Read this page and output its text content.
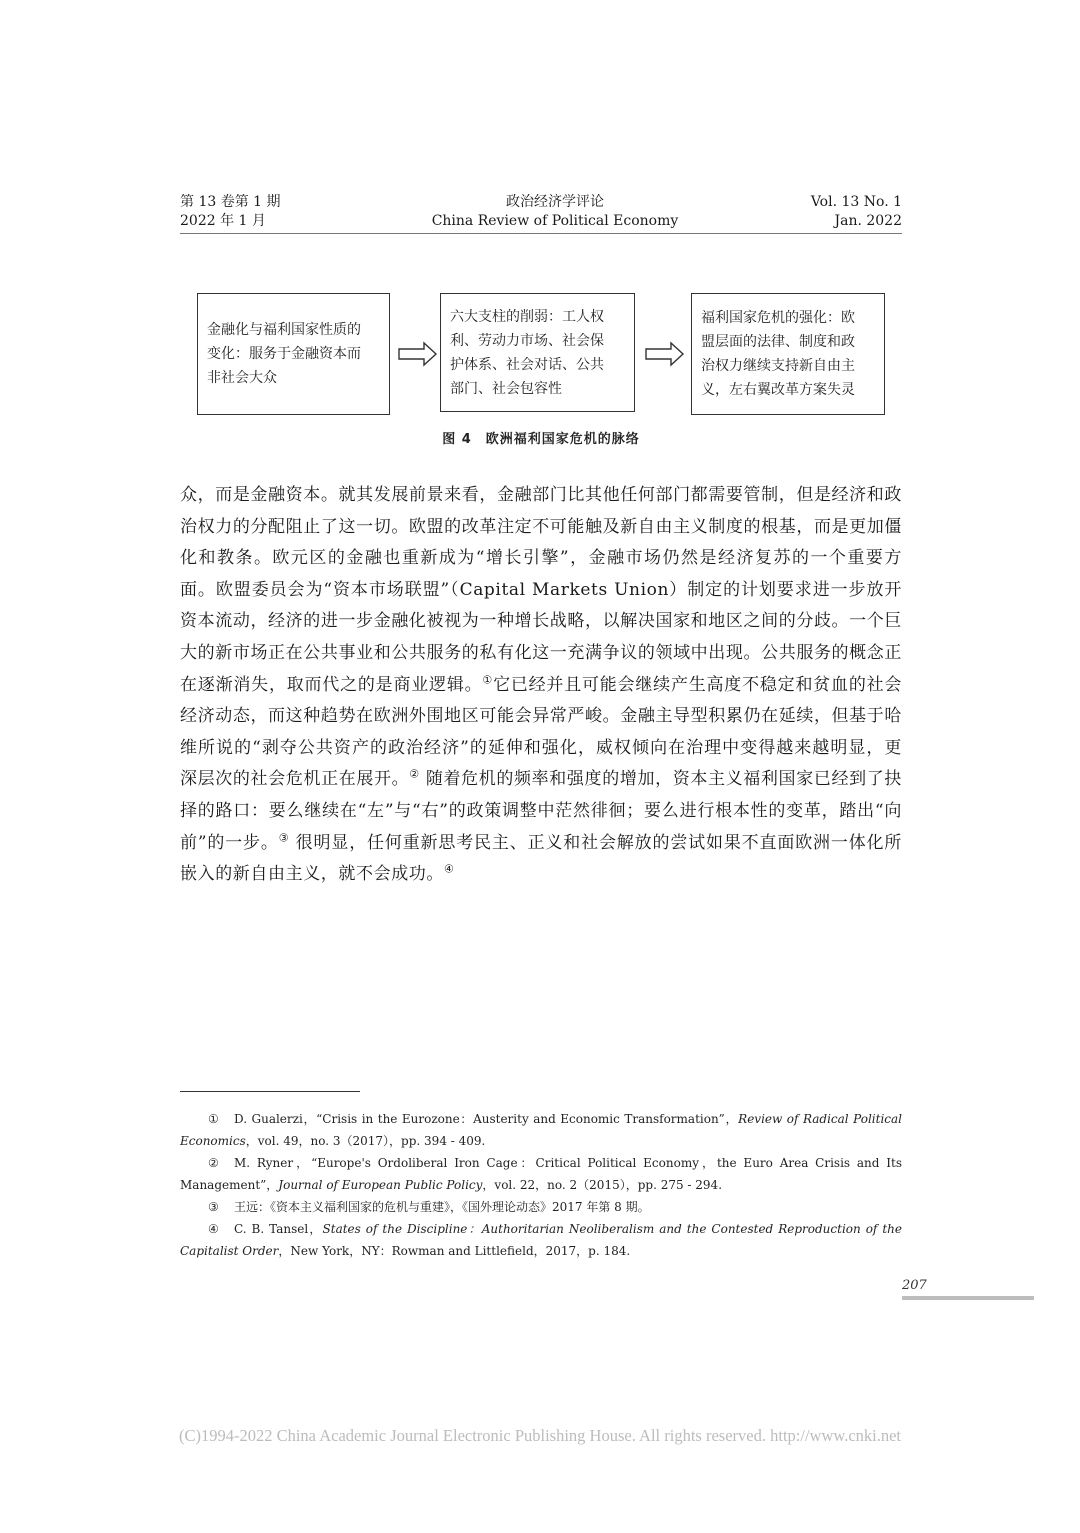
第 13 卷第 1 期
2022 年 1 月
政治经济学评论
China Review of Political Economy
Vol. 13 No. 1
Jan. 2022
金融化与福利国家性质的
变化：服务于金融资本而
非社会大众
六大支柱的削弱：工人权
利、劳动力市场、社会保
护体系、社会对话、公共
部门、社会包容性
福利国家危机的强化：欧
盟层面的法律、制度和政
治权力继续支持新自由主
义，左右翼改革方案失灵
图 4　欧洲福利国家危机的脉络
众，而是金融资本。就其发展前景来看，金融部门比其他任何部门都需要管制，但是经济和政治权力的分配阻止了这一切。欧盟的改革注定不可能触及新自由主义制度的根基，而是更加僵化和教条。欧元区的金融也重新成为“增长引擎”，金融市场仍然是经济复苏的一个重要方面。欧盟委员会为“资本市场联盟”（Capital Markets Union）制定的计划要求进一步放开资本流动，经济的进一步金融化被视为一种增长战略，以解决国家和地区之间的分歧。一个巨大的新市场正在公共事业和公共服务的私有化这一充满争议的领域中出现。公共服务的概念正在逐渐消失，取而代之的是商业逻辑。①它已经并且可能会继续产生高度不稳定和贫血的社会经济动态，而这种趋势在欧洲外围地区可能会异常严峻。金融主导型积累仍在延续，但基于哈维所说的“剥夺公共资产的政治经济”的延伸和强化，威权倾向在治理中变得越来越明显，更深层次的社会危机正在展开。② 随着危机的频率和强度的增加，资本主义福利国家已经到了抉择的路口：要么继续在“左”与“右”的政策调整中茫然徘徊；要么进行根本性的变革，踏出“向前”的一步。③ 很明显，任何重新思考民主、正义和社会解放的尝试如果不直面欧洲一体化所嵌入的新自由主义，就不会成功。④

① D. Gualerzi，“Crisis in the Eurozone：Austerity and Economic Transformation”，Review of Radical Political Economics，vol. 49，no. 3（2017），pp. 394 - 409.

② M. Ryner，“Europe's Ordoliberal Iron Cage：Critical Political Economy，the Euro Area Crisis and Its Management”，Journal of European Public Policy，vol. 22，no. 2（2015），pp. 275 - 294.

③ 王远：《资本主义福利国家的危机与重建》，《国外理论动态》2017 年第 8 期。

④ C. B. Tansel，States of the Discipline：Authoritarian Neoliberalism and the Contested Reproduction of the Capitalist Order，New York，NY：Rowman and Littlefield，2017，p. 184.

207
(C)1994-2022 China Academic Journal Electronic Publishing House. All rights reserved. http://www.cnki.net
